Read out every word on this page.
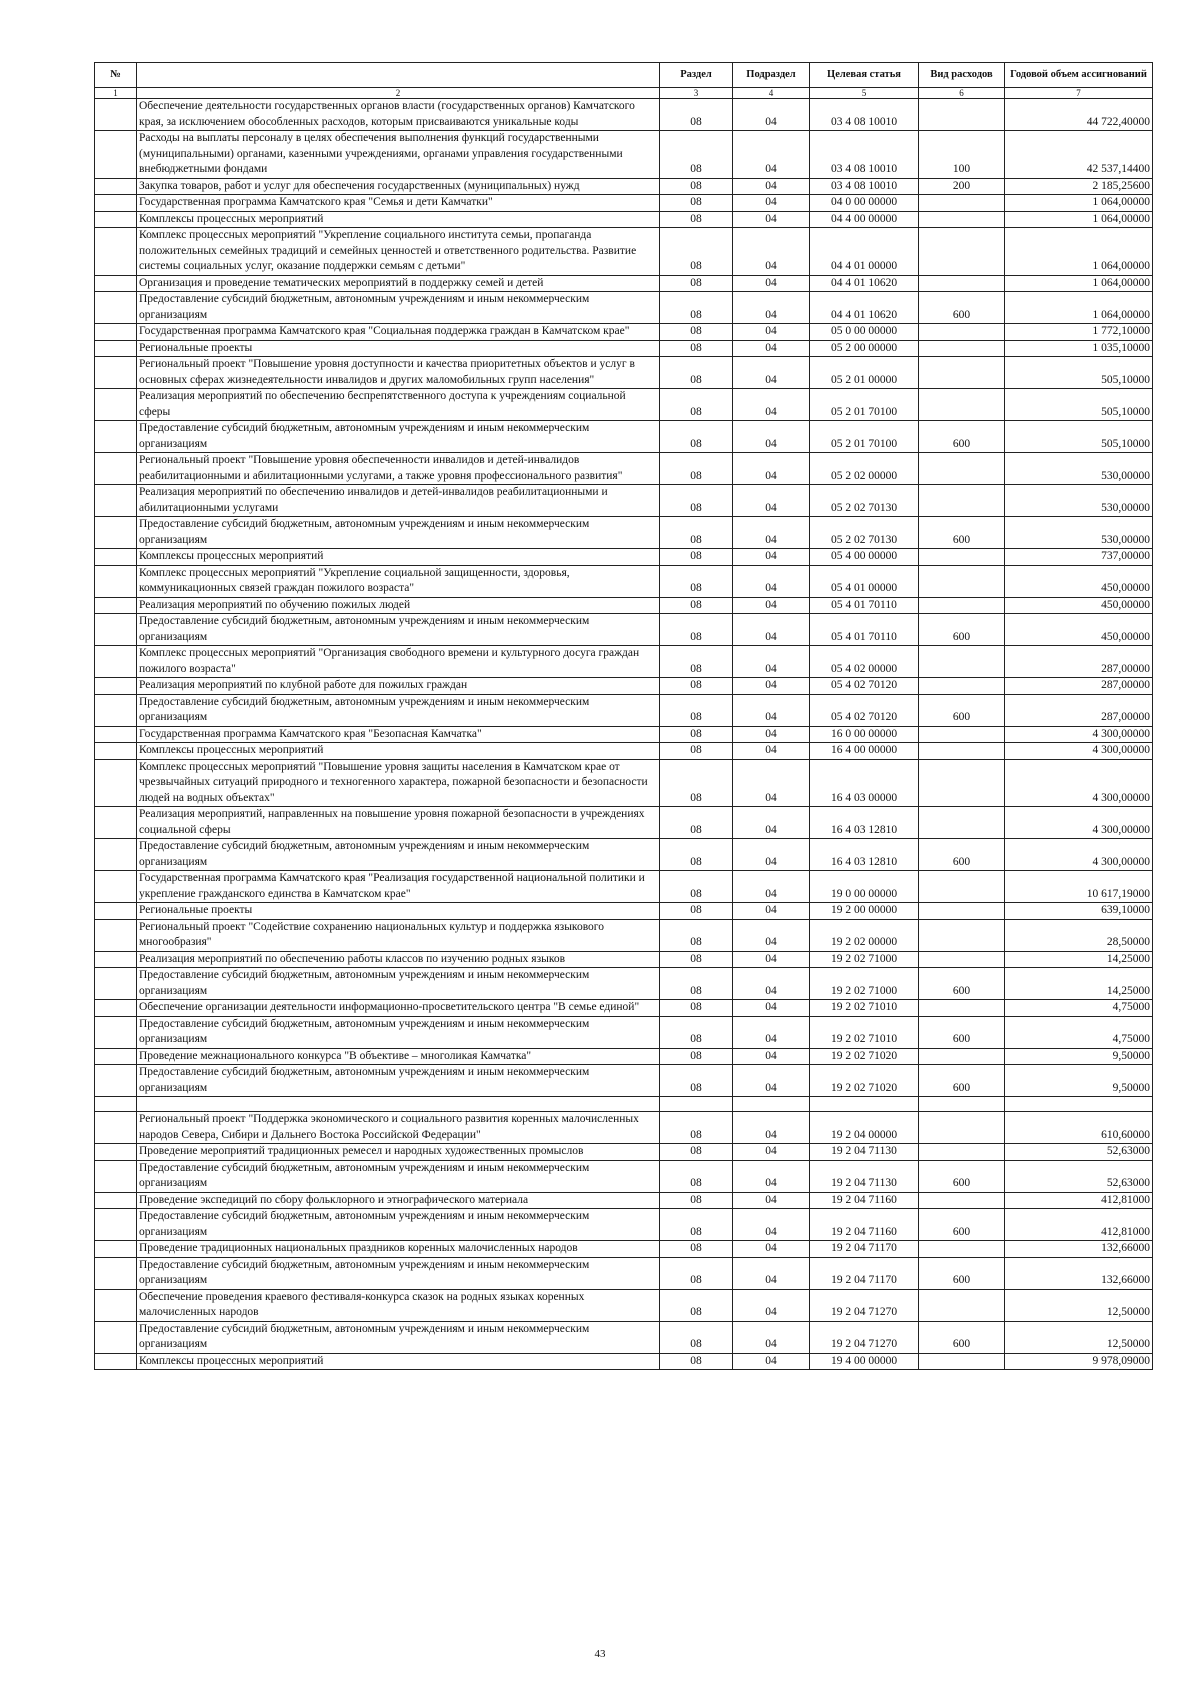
№		Раздел	Подраздел	Целевая статья	Вид расходов	Годовой объем ассигнований
1	2	3	4	5	6	7
	Обеспечение деятельности государственных органов власти (государственных органов) Камчатского края, за исключением обособленных расходов, которым присваиваются уникальные коды	08	04	03 4 08 10010		44 722,40000
	Расходы на выплаты персоналу в целях обеспечения выполнения функций государственными (муниципальными) органами, казенными учреждениями, органами управления государственными внебюджетными фондами	08	04	03 4 08 10010	100	42 537,14400
	Закупка товаров, работ и услуг для обеспечения государственных (муниципальных) нужд	08	04	03 4 08 10010	200	2 185,25600
	Государственная программа Камчатского края "Семья и дети Камчатки"	08	04	04 0 00 00000		1 064,00000
	Комплексы процессных мероприятий	08	04	04 4 00 00000		1 064,00000
	Комплекс процессных мероприятий "Укрепление социального института семьи, пропаганда положительных семейных традиций и семейных ценностей и ответственного родительства. Развитие системы социальных услуг, оказание поддержки семьям с детьми"	08	04	04 4 01 00000		1 064,00000
	Организация и проведение тематических мероприятий в поддержку семей и детей	08	04	04 4 01 10620		1 064,00000
	Предоставление субсидий бюджетным, автономным учреждениям и иным некоммерческим организациям	08	04	04 4 01 10620	600	1 064,00000
	Государственная программа Камчатского края "Социальная поддержка граждан в Камчатском крае"	08	04	05 0 00 00000		1 772,10000
	Региональные проекты	08	04	05 2 00 00000		1 035,10000
	Региональный проект "Повышение уровня доступности и качества приоритетных объектов и услуг в основных сферах жизнедеятельности инвалидов и других маломобильных групп населения"	08	04	05 2 01 00000		505,10000
	Реализация мероприятий по обеспечению беспрепятственного доступа к учреждениям социальной сферы	08	04	05 2 01 70100		505,10000
	Предоставление субсидий бюджетным, автономным учреждениям и иным некоммерческим организациям	08	04	05 2 01 70100	600	505,10000
	Региональный проект "Повышение уровня обеспеченности инвалидов и детей-инвалидов реабилитационными и абилитационными услугами, а также уровня профессионального развития"	08	04	05 2 02 00000		530,00000
	Реализация мероприятий по обеспечению инвалидов и детей-инвалидов реабилитационными и абилитационными услугами	08	04	05 2 02 70130		530,00000
	Предоставление субсидий бюджетным, автономным учреждениям и иным некоммерческим организациям	08	04	05 2 02 70130	600	530,00000
	Комплексы процессных мероприятий	08	04	05 4 00 00000		737,00000
	Комплекс процессных мероприятий "Укрепление социальной защищенности, здоровья, коммуникационных связей граждан пожилого возраста"	08	04	05 4 01 00000		450,00000
	Реализация мероприятий по обучению пожилых людей	08	04	05 4 01 70110		450,00000
	Предоставление субсидий бюджетным, автономным учреждениям и иным некоммерческим организациям	08	04	05 4 01 70110	600	450,00000
	Комплекс процессных мероприятий "Организация свободного времени и культурного досуга граждан пожилого возраста"	08	04	05 4 02 00000		287,00000
	Реализация мероприятий по клубной работе для пожилых граждан	08	04	05 4 02 70120		287,00000
	Предоставление субсидий бюджетным, автономным учреждениям и иным некоммерческим организациям	08	04	05 4 02 70120	600	287,00000
	Государственная программа Камчатского края "Безопасная Камчатка"	08	04	16 0 00 00000		4 300,00000
	Комплексы процессных мероприятий	08	04	16 4 00 00000		4 300,00000
	Комплекс процессных мероприятий "Повышение уровня защиты населения в Камчатском крае от чрезвычайных ситуаций природного и техногенного характера, пожарной безопасности и безопасности людей на водных объектах"	08	04	16 4 03 00000		4 300,00000
	Реализация мероприятий, направленных на повышение уровня пожарной безопасности в учреждениях социальной сферы	08	04	16 4 03 12810		4 300,00000
	Предоставление субсидий бюджетным, автономным учреждениям и иным некоммерческим организациям	08	04	16 4 03 12810	600	4 300,00000
	Государственная программа Камчатского края "Реализация государственной национальной политики и укрепление гражданского единства в Камчатском крае"	08	04	19 0 00 00000		10 617,19000
	Региональные проекты	08	04	19 2 00 00000		639,10000
	Региональный проект "Содействие сохранению национальных культур и поддержка языкового многообразия"	08	04	19 2 02 00000		28,50000
	Реализация мероприятий по обеспечению работы классов по изучению родных языков	08	04	19 2 02 71000		14,25000
	Предоставление субсидий бюджетным, автономным учреждениям и иным некоммерческим организациям	08	04	19 2 02 71000	600	14,25000
	Обеспечение организации деятельности информационно-просветительского центра "В семье единой"	08	04	19 2 02 71010		4,75000
	Предоставление субсидий бюджетным, автономным учреждениям и иным некоммерческим организациям	08	04	19 2 02 71010	600	4,75000
	Проведение межнационального конкурса "В объективе – многоликая Камчатка"	08	04	19 2 02 71020		9,50000
	Предоставление субсидий бюджетным, автономным учреждениям и иным некоммерческим организациям	08	04	19 2 02 71020	600	9,50000

	Региональный проект "Поддержка экономического и социального развития коренных малочисленных народов Севера, Сибири и Дальнего Востока Российской Федерации"	08	04	19 2 04 00000		610,60000
	Проведение мероприятий традиционных ремесел и народных художественных промыслов	08	04	19 2 04 71130		52,63000
	Предоставление субсидий бюджетным, автономным учреждениям и иным некоммерческим организациям	08	04	19 2 04 71130	600	52,63000
	Проведение экспедиций по сбору фольклорного и этнографического материала	08	04	19 2 04 71160		412,81000
	Предоставление субсидий бюджетным, автономным учреждениям и иным некоммерческим организациям	08	04	19 2 04 71160	600	412,81000
	Проведение традиционных национальных праздников коренных малочисленных народов	08	04	19 2 04 71170		132,66000
	Предоставление субсидий бюджетным, автономным учреждениям и иным некоммерческим организациям	08	04	19 2 04 71170	600	132,66000
	Обеспечение проведения краевого фестиваля-конкурса сказок на родных языках коренных малочисленных народов	08	04	19 2 04 71270		12,50000
	Предоставление субсидий бюджетным, автономным учреждениям и иным некоммерческим организациям	08	04	19 2 04 71270	600	12,50000
	Комплексы процессных мероприятий	08	04	19 4 00 00000		9 978,09000
43
